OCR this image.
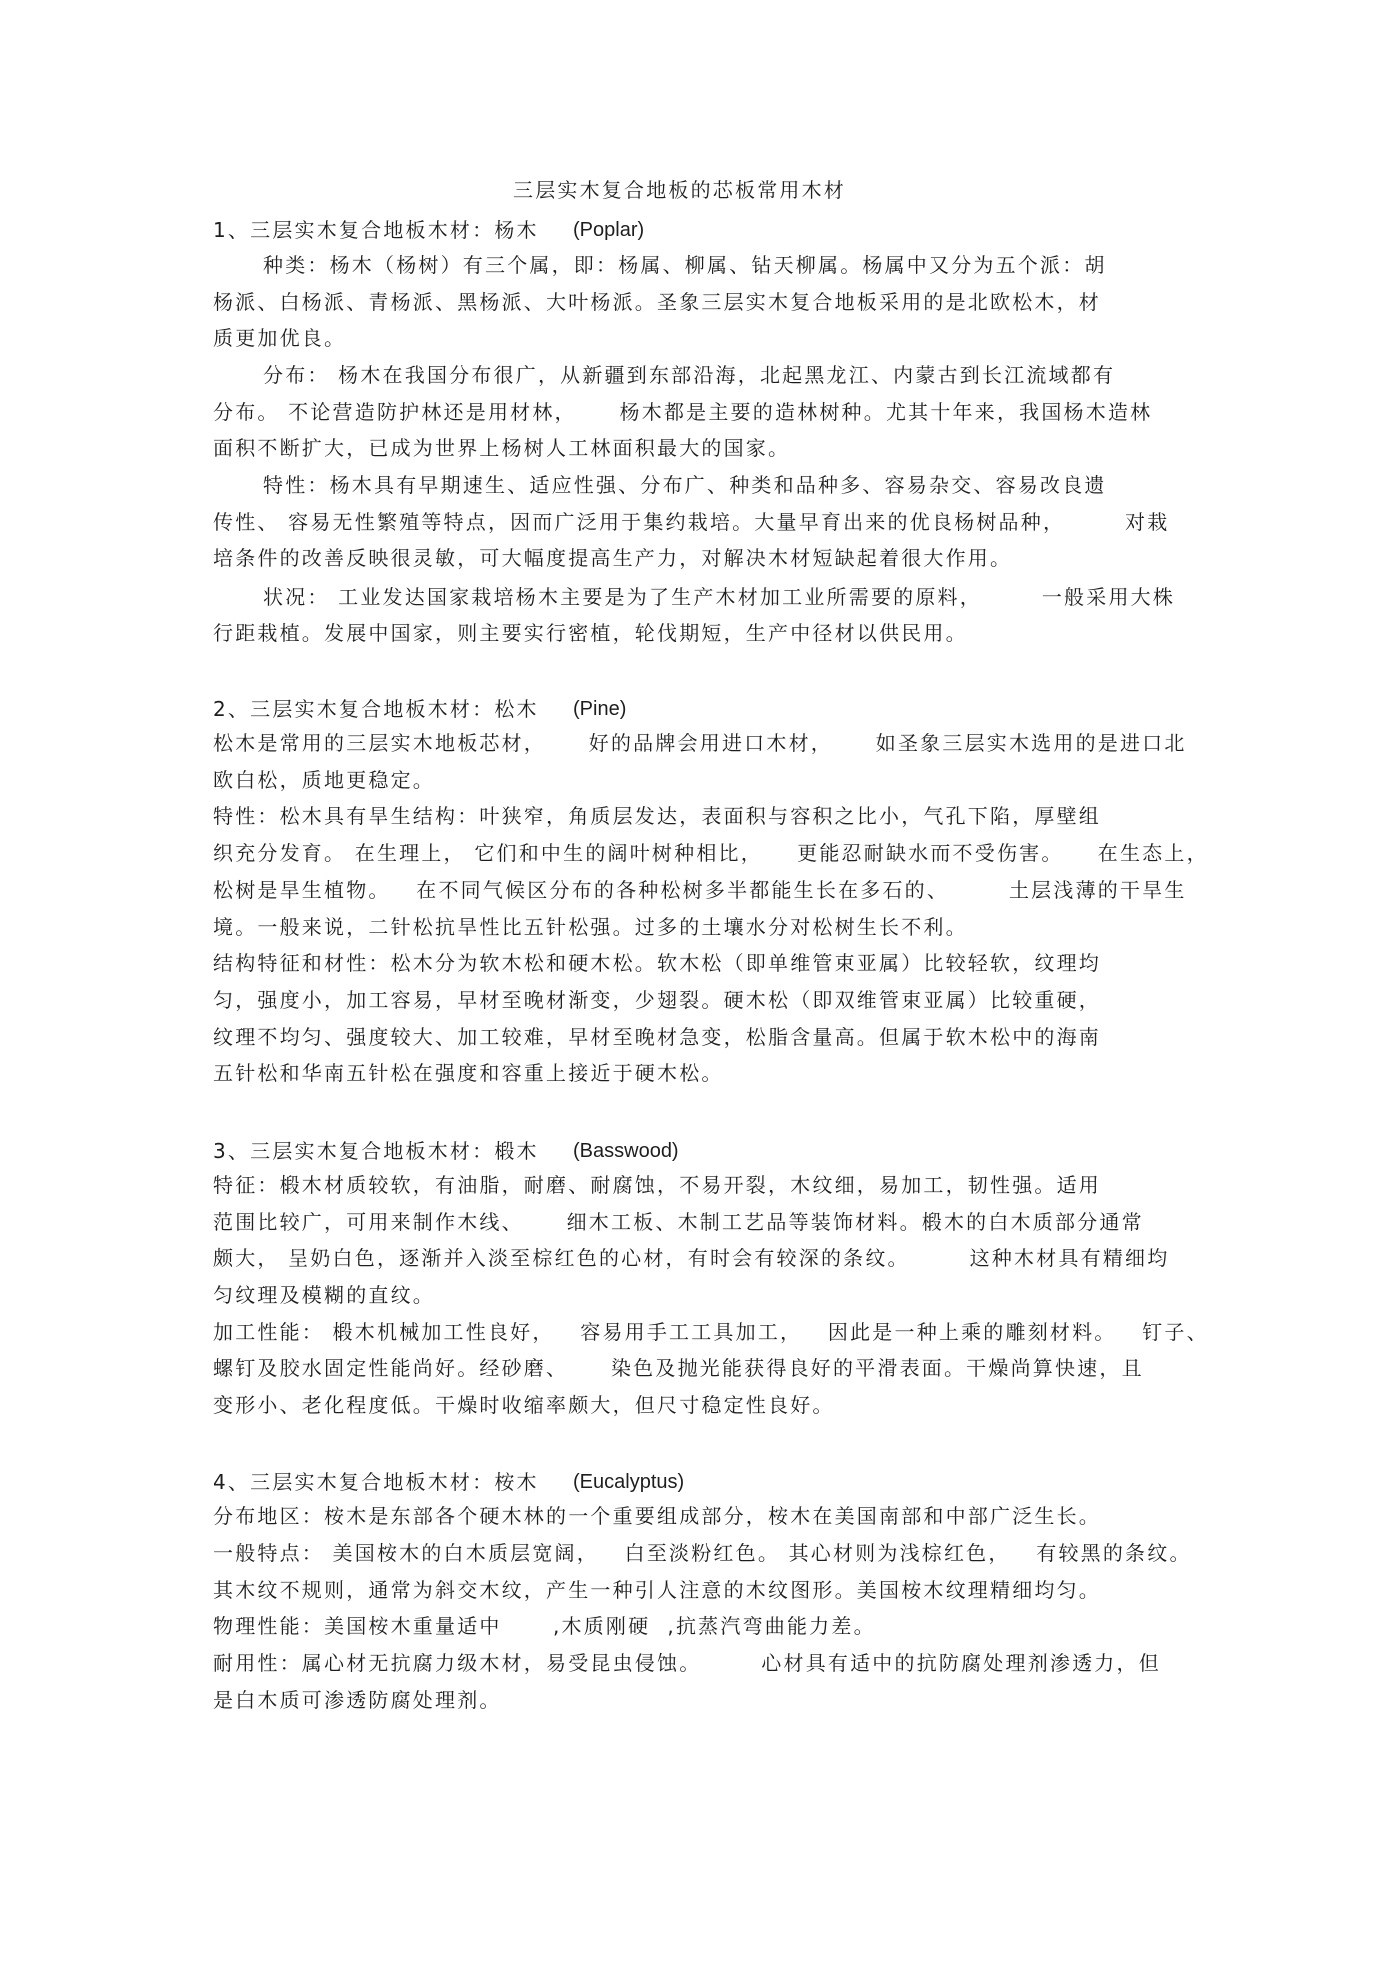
三层实木复合地板的芯板常用木材
1、三层实木复合地板木材：杨木 (Poplar)
种类：杨木（杨树）有三个属，即：杨属、柳属、钻天柳属。杨属中又分为五个派：胡
杨派、白杨派、青杨派、黑杨派、大叶杨派。圣象三层实木复合地板采用的是北欧松木，材
质更加优良。
分布： 杨木在我国分布很广，从新疆到东部沿海，北起黑龙江、内蒙古到长江流域都有
分布。 不论营造防护林还是用材林，     杨木都是主要的造林树种。尤其十年来，我国杨木造林
面积不断扩大，已成为世界上杨树人工林面积最大的国家。
特性：杨木具有早期速生、适应性强、分布广、种类和品种多、容易杂交、容易改良遗
传性、 容易无性繁殖等特点，因而广泛用于集约栽培。大量早育出来的优良杨树品种，       对栽
培条件的改善反映很灵敏，可大幅度提高生产力，对解决木材短缺起着很大作用。
状况： 工业发达国家栽培杨木主要是为了生产木材加工业所需要的原料，       一般采用大株
行距栽植。发展中国家，则主要实行密植，轮伐期短，生产中径材以供民用。
2、三层实木复合地板木材：松木 (Pine)
松木是常用的三层实木地板芯材，     好的品牌会用进口木材，     如圣象三层实木选用的是进口北
欧白松，质地更稳定。
特性：松木具有旱生结构：叶狭窄，角质层发达，表面积与容积之比小，气孔下陷，厚壁组
织充分发育。 在生理上， 它们和中生的阔叶树种相比，    更能忍耐缺水而不受伤害。    在生态上，
松树是旱生植物。   在不同气候区分布的各种松树多半都能生长在多石的、       土层浅薄的干旱生
境。一般来说，二针松抗旱性比五针松强。过多的土壤水分对松树生长不利。
结构特征和材性：松木分为软木松和硬木松。软木松（即单维管束亚属）比较轻软，纹理均
匀，强度小，加工容易，早材至晚材渐变，少翅裂。硬木松（即双维管束亚属）比较重硬，
纹理不均匀、强度较大、加工较难，早材至晚材急变，松脂含量高。但属于软木松中的海南
五针松和华南五针松在强度和容重上接近于硬木松。
3、三层实木复合地板木材：椴木 (Basswood)
特征：椴木材质较软，有油脂，耐磨、耐腐蚀，不易开裂，木纹细，易加工，韧性强。适用
范围比较广，可用来制作木线、     细木工板、木制工艺品等装饰材料。椴木的白木质部分通常
颇大， 呈奶白色，逐渐并入淡至棕红色的心材，有时会有较深的条纹。       这种木材具有精细均
匀纹理及模糊的直纹。
加工性能： 椴木机械加工性良好，   容易用手工工具加工，   因此是一种上乘的雕刻材料。   钉子、
螺钉及胶水固定性能尚好。经砂磨、     染色及抛光能获得良好的平滑表面。干燥尚算快速，且
变形小、老化程度低。干燥时收缩率颇大，但尺寸稳定性良好。
4、三层实木复合地板木材：桉木 (Eucalyptus)
分布地区：桉木是东部各个硬木林的一个重要组成部分，桉木在美国南部和中部广泛生长。
一般特点： 美国桉木的白木质层宽阔，   白至淡粉红色。 其心材则为浅棕红色，   有较黑的条纹。
其木纹不规则，通常为斜交木纹，产生一种引人注意的木纹图形。美国桉木纹理精细均匀。
物理性能：美国桉木重量适中      ,木质刚硬  ,抗蒸汽弯曲能力差。
耐用性：属心材无抗腐力级木材，易受昆虫侵蚀。       心材具有适中的抗防腐处理剂渗透力，但
是白木质可渗透防腐处理剂。
